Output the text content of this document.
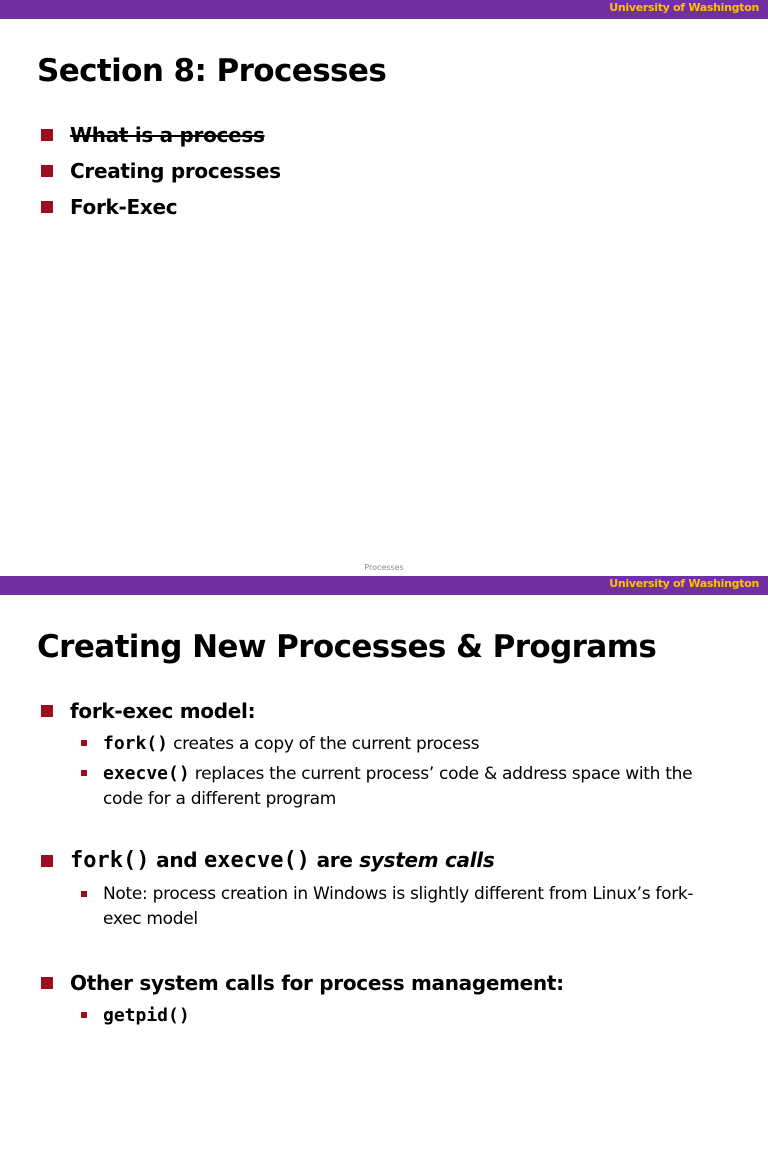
University of Washington
Section 8: Processes
What is a process
Creating processes
Fork-Exec
Processes
University of Washington
Creating New Processes & Programs
fork-exec model:
fork() creates a copy of the current process
execve() replaces the current process’ code & address space with the code for a different program
fork() and execve() are system calls
Note: process creation in Windows is slightly different from Linux’s fork-exec model
Other system calls for process management:
getpid()
